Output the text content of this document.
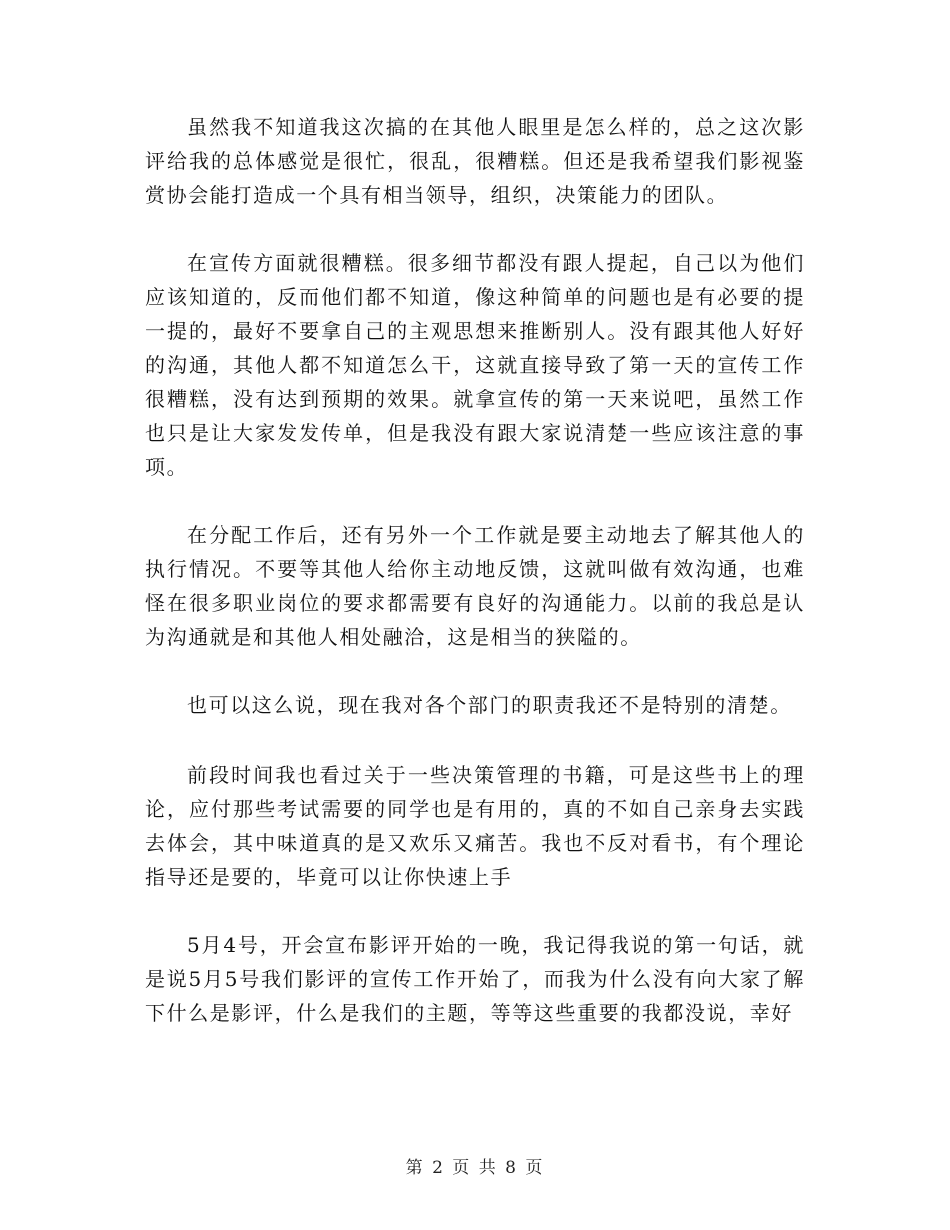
虽然我不知道我这次搞的在其他人眼里是怎么样的，总之这次影评给我的总体感觉是很忙，很乱，很糟糕。但还是我希望我们影视鉴赏协会能打造成一个具有相当领导，组织，决策能力的团队。

在宣传方面就很糟糕。很多细节都没有跟人提起，自己以为他们应该知道的，反而他们都不知道，像这种简单的问题也是有必要的提一提的，最好不要拿自己的主观思想来推断别人。没有跟其他人好好的沟通，其他人都不知道怎么干，这就直接导致了第一天的宣传工作很糟糕，没有达到预期的效果。就拿宣传的第一天来说吧，虽然工作也只是让大家发发传单，但是我没有跟大家说清楚一些应该注意的事项。

在分配工作后，还有另外一个工作就是要主动地去了解其他人的执行情况。不要等其他人给你主动地反馈，这就叫做有效沟通，也难怪在很多职业岗位的要求都需要有良好的沟通能力。以前的我总是认为沟通就是和其他人相处融洽，这是相当的狭隘的。

也可以这么说，现在我对各个部门的职责我还不是特别的清楚。

前段时间我也看过关于一些决策管理的书籍，可是这些书上的理论，应付那些考试需要的同学也是有用的，真的不如自己亲身去实践去体会，其中味道真的是又欢乐又痛苦。我也不反对看书，有个理论指导还是要的，毕竟可以让你快速上手

5月4号，开会宣布影评开始的一晚，我记得我说的第一句话，就是说5月5号我们影评的宣传工作开始了，而我为什么没有向大家了解下什么是影评，什么是我们的主题，等等这些重要的我都没说，幸好

第 2 页 共 8 页
